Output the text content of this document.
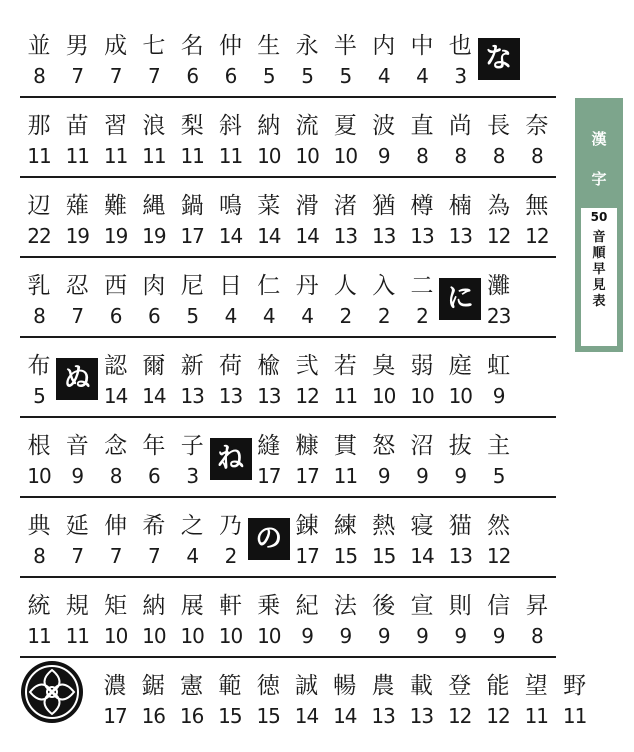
並
8
男
7
成
7
七
7
名
6
仲
6
生
5
永
5
半
5
内
4
中
4
也
3
な
那
11
苗
11
習
11
浪
11
梨
11
斜
11
納
10
流
10
夏
10
波
9
直
8
尚
8
長
8
奈
8
辺
22
薙
19
難
19
縄
19
鍋
17
鳴
14
菜
14
滑
14
渚
13
猶
13
樽
13
楠
13
為
12
無
12
乳
8
忍
7
西
6
肉
6
尼
5
日
4
仁
4
丹
4
人
2
入
2
二
2
に 灘
23
布
5
ぬ 認
14
爾
14
新
13
荷
13
楡
13
弐
12
若
11
臭
10
弱
10
庭
10
虹
9
根
10
音
9
念
8
年
6
子
3
ね 縫
17
糠
17
貫
11
怒
9
沼
9
抜
9
主
5
典
8
延
7
伸
7
希
7
之
4
乃
2
の 錬
17
練
15
熱
15
寝
14
猫
13
然
12
統
11
規
11
矩
10
納
10
展
10
軒
10
乗
10
紀
9
法
9
後
9
宣
9
則
9
信
9
昇
8
濃
17
鋸
16
憲
16
範
15
徳
15
誠
14
暢
14
農
13
載
13
登
12
能
12
望
11
野
11
漢
字
50
音
順
早
見
表
